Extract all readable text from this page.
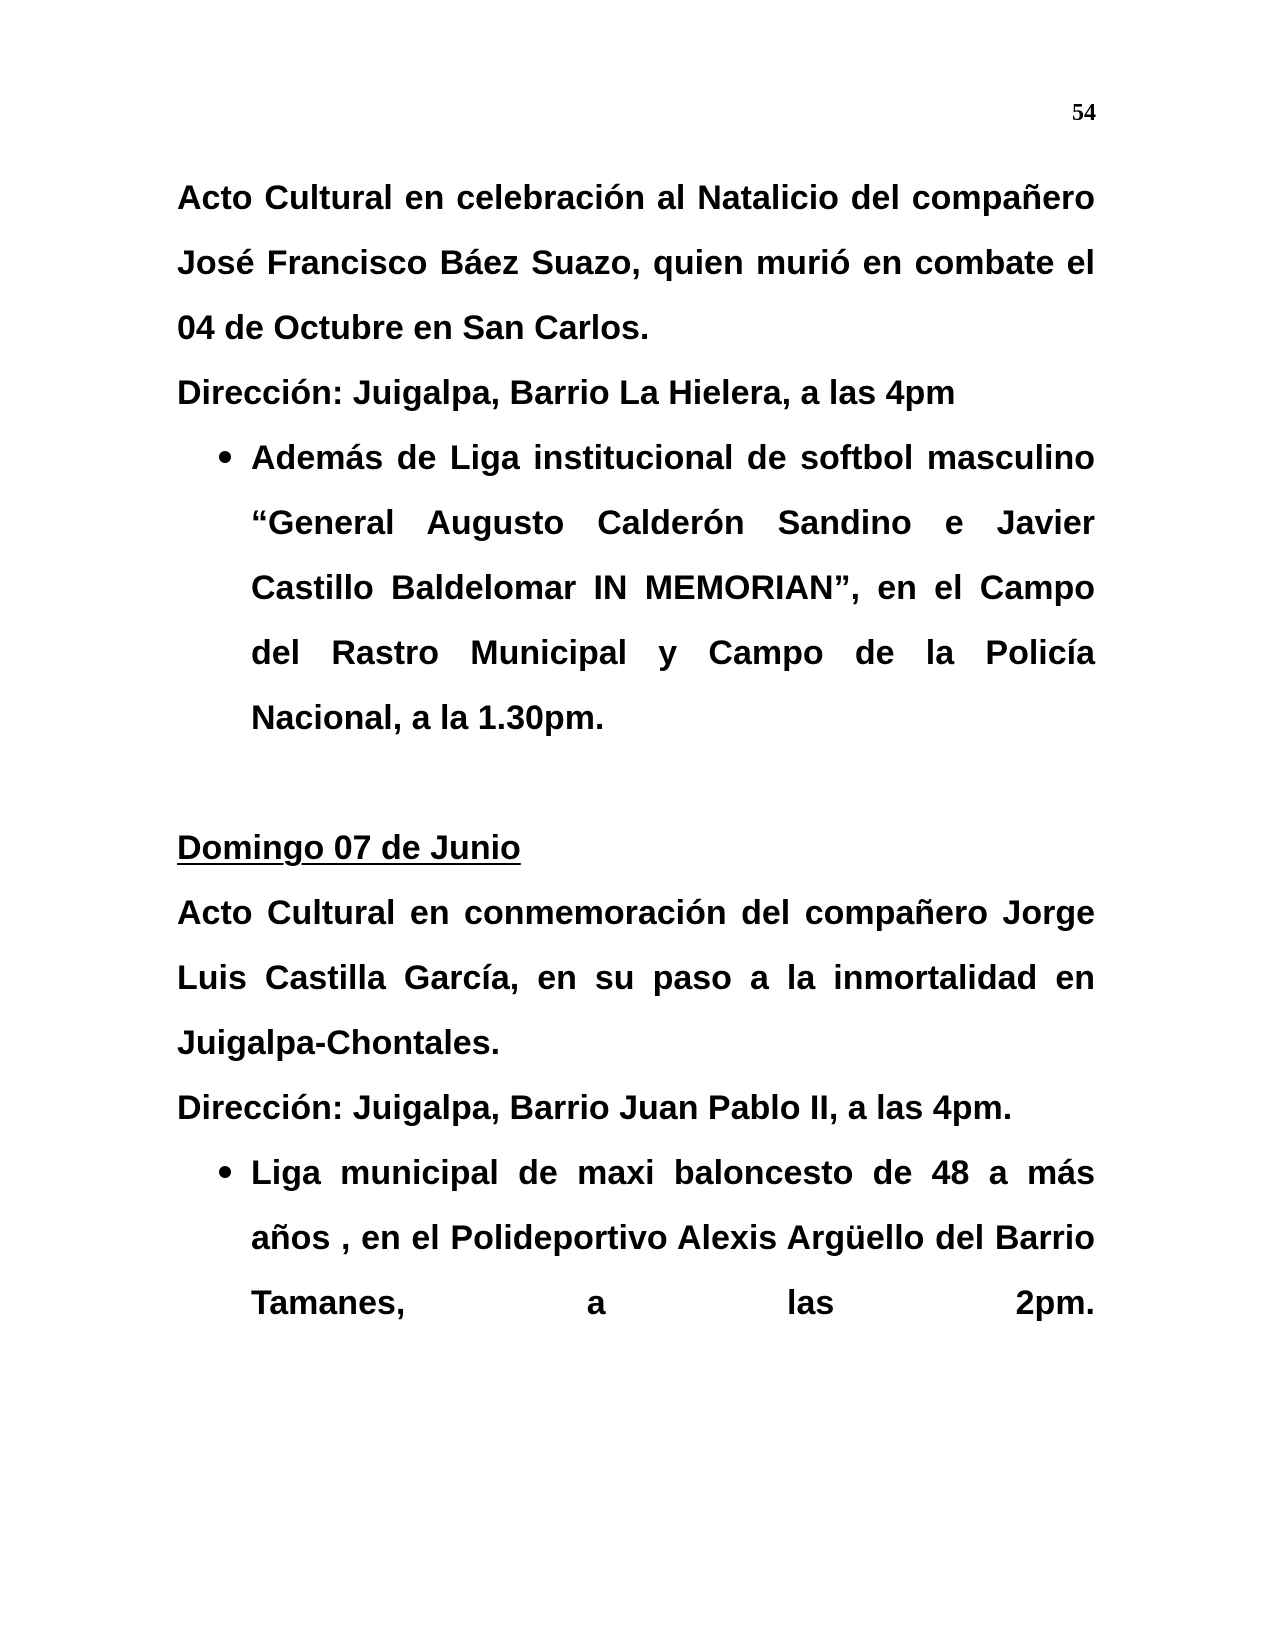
54

Acto Cultural en celebración al Natalicio del compañero José Francisco Báez Suazo, quien murió en combate el 04 de Octubre en San Carlos.

Dirección: Juigalpa, Barrio La Hielera, a las 4pm

Además de Liga institucional de softbol masculino “General Augusto Calderón Sandino e Javier Castillo Baldelomar IN MEMORIAN”, en el Campo del Rastro Municipal y Campo de la Policía Nacional, a la 1.30pm.

Domingo 07 de Junio

Acto Cultural en conmemoración del compañero Jorge Luis Castilla García, en su paso a la inmortalidad en Juigalpa-Chontales.

Dirección: Juigalpa, Barrio Juan Pablo II, a las 4pm.

Liga municipal de maxi baloncesto de 48 a más años , en el Polideportivo Alexis Argüello del Barrio Tamanes, a las 2pm.
